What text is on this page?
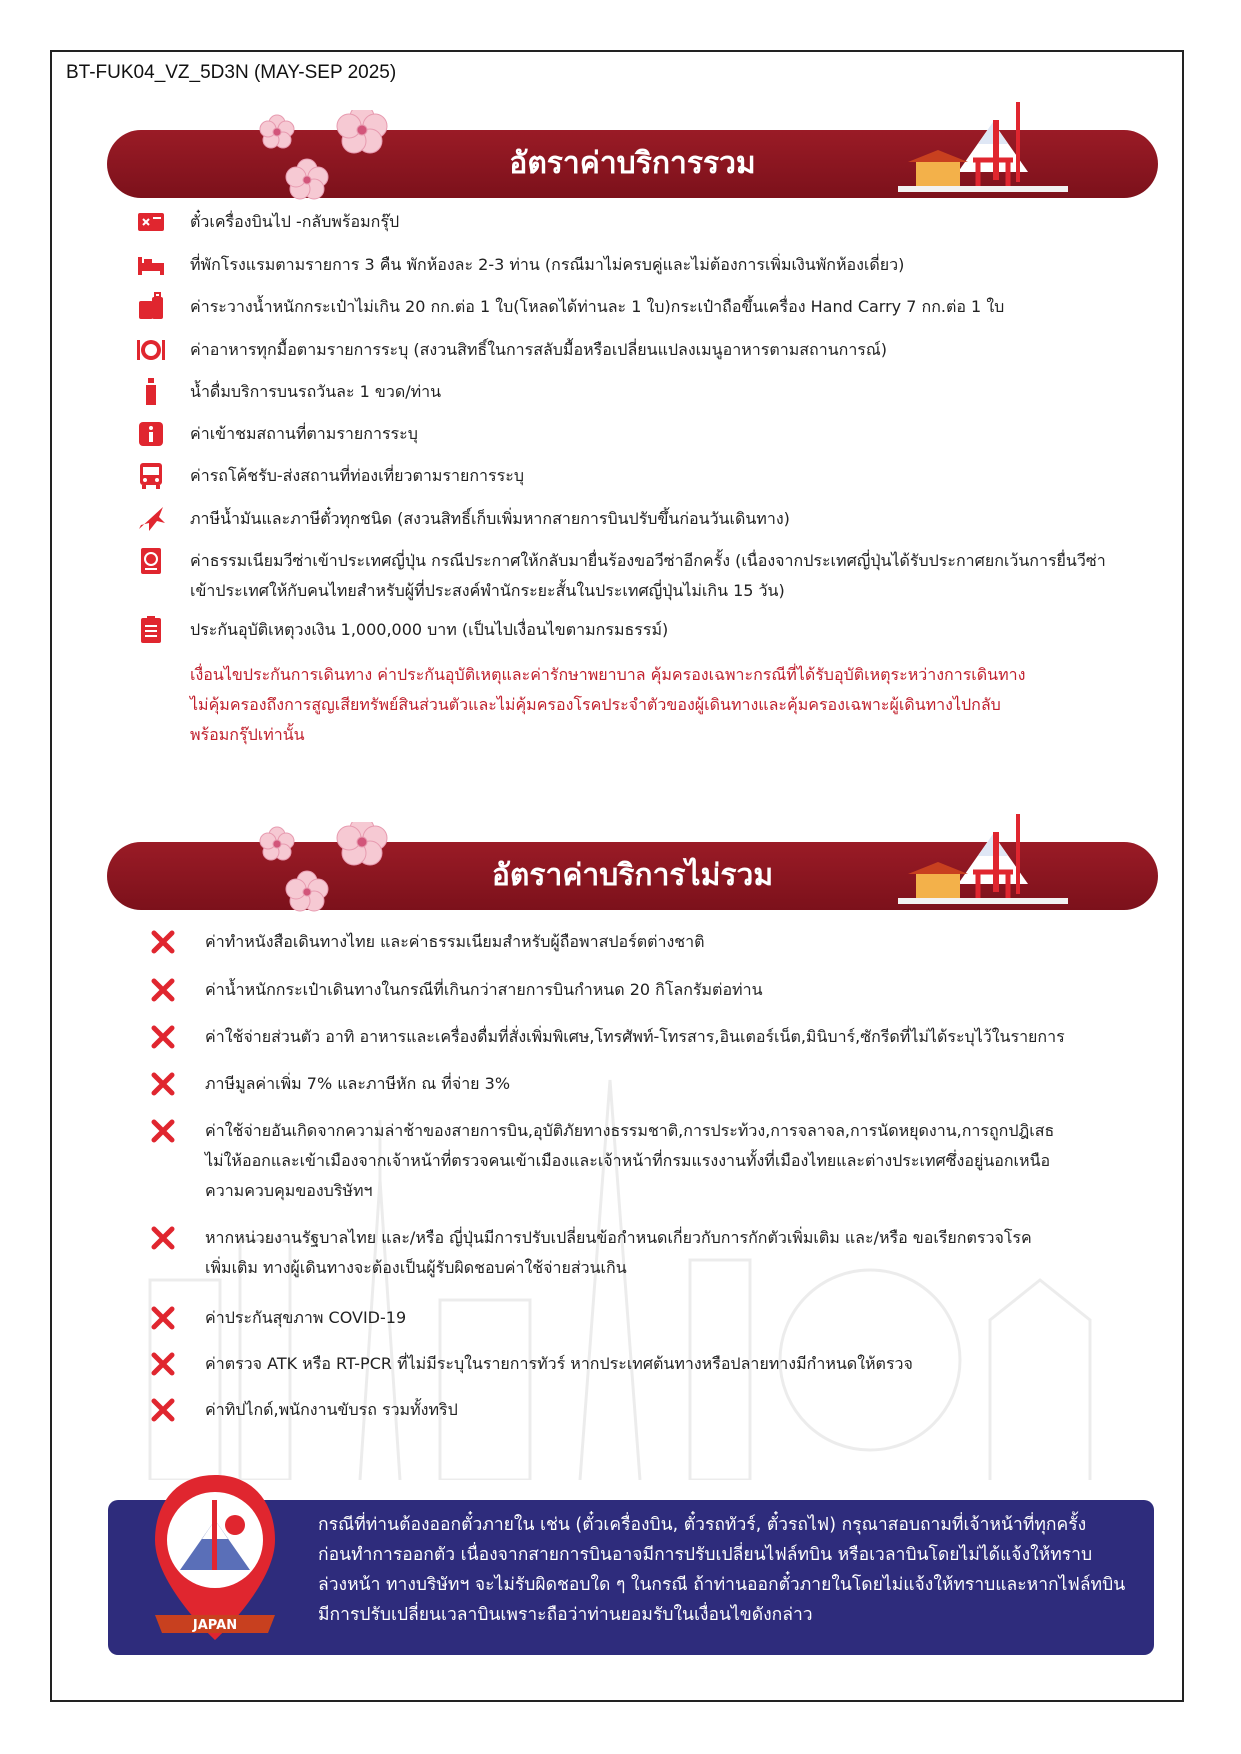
BT-FUK04_VZ_5D3N (MAY-SEP 2025)
อัตราค่าบริการรวม
ตั๋วเครื่องบินไป -กลับพร้อมกรุ๊ป
ที่พักโรงแรมตามรายการ 3 คืน พักห้องละ 2-3 ท่าน (กรณีมาไม่ครบคู่และไม่ต้องการเพิ่มเงินพักห้องเดี่ยว)
ค่าระวางน้ำหนักกระเป๋าไม่เกิน 20 กก.ต่อ 1 ใบ(โหลดได้ท่านละ 1 ใบ)กระเป๋าถือขึ้นเครื่อง Hand Carry 7 กก.ต่อ 1 ใบ
ค่าอาหารทุกมื้อตามรายการระบุ (สงวนสิทธิ์ในการสลับมื้อหรือเปลี่ยนแปลงเมนูอาหารตามสถานการณ์)
น้ำดื่มบริการบนรถวันละ 1 ขวด/ท่าน
ค่าเข้าชมสถานที่ตามรายการระบุ
ค่ารถโค้ชรับ-ส่งสถานที่ท่องเที่ยวตามรายการระบุ
ภาษีน้ำมันและภาษีตั๋วทุกชนิด (สงวนสิทธิ์เก็บเพิ่มหากสายการบินปรับขึ้นก่อนวันเดินทาง)
ค่าธรรมเนียมวีซ่าเข้าประเทศญี่ปุ่น กรณีประกาศให้กลับมายื่นร้องขอวีซ่าอีกครั้ง (เนื่องจากประเทศญี่ปุ่นได้รับประกาศยกเว้นการยื่นวีซ่า
เข้าประเทศให้กับคนไทยสำหรับผู้ที่ประสงค์พำนักระยะสั้นในประเทศญี่ปุ่นไม่เกิน 15 วัน)
ประกันอุบัติเหตุวงเงิน 1,000,000 บาท (เป็นไปเงื่อนไขตามกรมธรรม์)
เงื่อนไขประกันการเดินทาง ค่าประกันอุบัติเหตุและค่ารักษาพยาบาล คุ้มครองเฉพาะกรณีที่ได้รับอุบัติเหตุระหว่างการเดินทาง
ไม่คุ้มครองถึงการสูญเสียทรัพย์สินส่วนตัวและไม่คุ้มครองโรคประจำตัวของผู้เดินทางและคุ้มครองเฉพาะผู้เดินทางไปกลับ
พร้อมกรุ๊ปเท่านั้น
อัตราค่าบริการไม่รวม
ค่าทำหนังสือเดินทางไทย และค่าธรรมเนียมสำหรับผู้ถือพาสปอร์ตต่างชาติ
ค่าน้ำหนักกระเป๋าเดินทางในกรณีที่เกินกว่าสายการบินกำหนด 20 กิโลกรัมต่อท่าน
ค่าใช้จ่ายส่วนตัว อาทิ อาหารและเครื่องดื่มที่สั่งเพิ่มพิเศษ,โทรศัพท์-โทรสาร,อินเตอร์เน็ต,มินิบาร์,ซักรีดที่ไม่ได้ระบุไว้ในรายการ
ภาษีมูลค่าเพิ่ม 7% และภาษีหัก ณ ที่จ่าย 3%
ค่าใช้จ่ายอันเกิดจากความล่าช้าของสายการบิน,อุบัติภัยทางธรรมชาติ,การประท้วง,การจลาจล,การนัดหยุดงาน,การถูกปฎิเสธ
ไม่ให้ออกและเข้าเมืองจากเจ้าหน้าที่ตรวจคนเข้าเมืองและเจ้าหน้าที่กรมแรงงานทั้งที่เมืองไทยและต่างประเทศซึ่งอยู่นอกเหนือ
ความควบคุมของบริษัทฯ
หากหน่วยงานรัฐบาลไทย และ/หรือ ญี่ปุ่นมีการปรับเปลี่ยนข้อกำหนดเกี่ยวกับการกักตัวเพิ่มเติม และ/หรือ ขอเรียกตรวจโรค
เพิ่มเติม ทางผู้เดินทางจะต้องเป็นผู้รับผิดชอบค่าใช้จ่ายส่วนเกิน
ค่าประกันสุขภาพ COVID-19
ค่าตรวจ ATK หรือ RT-PCR ที่ไม่มีระบุในรายการทัวร์ หากประเทศต้นทางหรือปลายทางมีกำหนดให้ตรวจ
ค่าทิปไกด์,พนักงานขับรถ รวมทั้งทริป
กรณีที่ท่านต้องออกตั๋วภายใน เช่น (ตั๋วเครื่องบิน, ตั๋วรถทัวร์, ตั๋วรถไฟ) กรุณาสอบถามที่เจ้าหน้าที่ทุกครั้ง
ก่อนทำการออกตัว เนื่องจากสายการบินอาจมีการปรับเปลี่ยนไฟล์ทบิน หรือเวลาบินโดยไม่ได้แจ้งให้ทราบ
ล่วงหน้า ทางบริษัทฯ จะไม่รับผิดชอบใด ๆ ในกรณี ถ้าท่านออกตั๋วภายในโดยไม่แจ้งให้ทราบและหากไฟล์ทบิน
มีการปรับเปลี่ยนเวลาบินเพราะถือว่าท่านยอมรับในเงื่อนไขดังกล่าว
JAPAN
